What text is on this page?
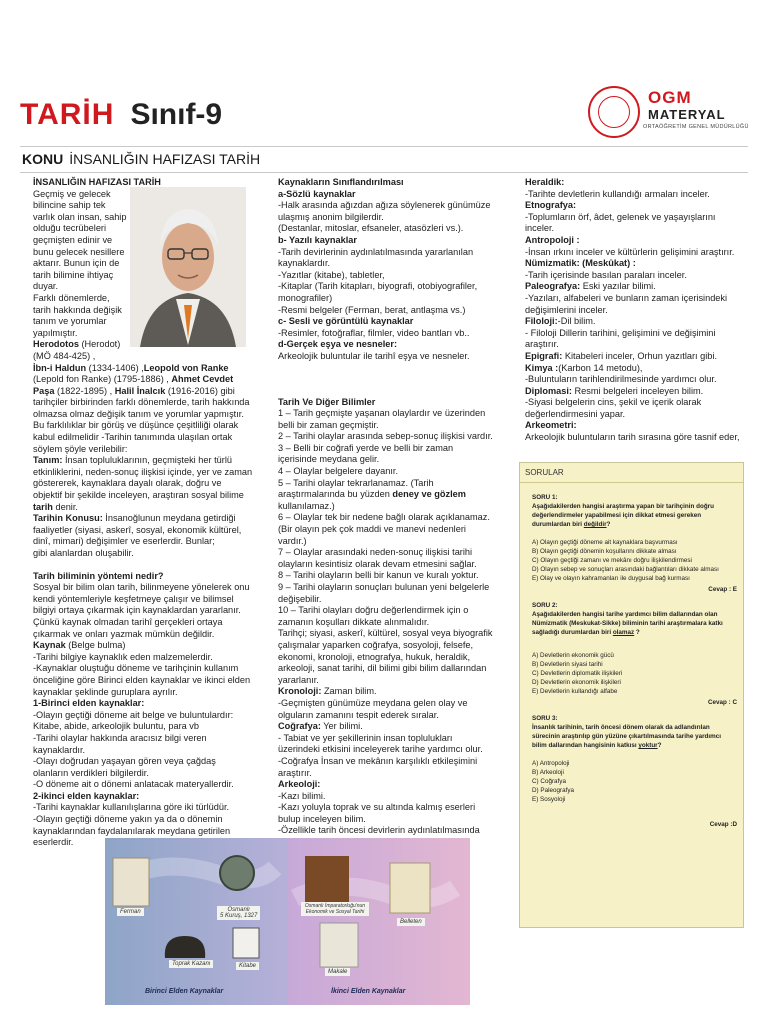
TARİH Sınıf-9
OGM
MATERYAL
ORTAÖĞRETİM GENEL MÜDÜRLÜĞÜ
KONU İNSANLIĞIN HAFIZASI TARİH

İNSANLIĞIN HAFIZASI TARİH

Geçmiş ve gelecek

bilincine sahip tek

varlık olan insan, sahip

olduğu tecrübeleri

geçmişten edinir ve

bunu gelecek nesillere

aktarır. Bunun için de

tarih bilimine ihtiyaç

duyar.

Farklı dönemlerde,

tarih hakkında değişik

tanım ve yorumlar

yapılmıştır.

Herodotos (Herodot)

(MÖ 484-425) ,

İbn-i Haldun (1334-1406) ,Leopold von Ranke (Lepold fon Ranke) (1795-1886) , Ahmet Cevdet Paşa (1822-1895) , Halil İnalcık (1916-2016) gibi tarihçiler birbirinden farklı dönemlerde, tarih hakkında olmazsa olmaz değişik tanım ve yorumlar yapmıştır. Bu farklılıklar bir görüş ve düşünce çeşitliliği olarak kabul edilmelidir -Tarihin tanımında ulaşılan ortak söylem şöyle verilebilir:

Tanım: İnsan topluluklarının, geçmişteki her türlü etkinliklerini, neden-sonuç ilişkisi içinde, yer ve zaman göstererek, kaynaklara dayalı olarak, doğru ve objektif bir şekilde inceleyen, araştıran sosyal bilime tarih denir.

Tarihin Konusu: İnsanoğlunun meydana getirdiği faaliyetler (siyasi, askerî, sosyal, ekonomik kültürel, dinî, mimari) değişimler ve eserlerdir. Bunlar;

gibi alanlardan oluşabilir.

Tarih biliminin yöntemi nedir?

Sosyal bir bilim olan tarih, bilinmeyene yönelerek onu kendi yöntemleriyle keşfetmeye çalışır ve bilimsel bilgiyi ortaya çıkarmak için kaynaklardan yararlanır. Çünkü kaynak olmadan tarihî gerçekleri ortaya çıkarmak ve onları yazmak mümkün değildir.

Kaynak (Belge bulma)

-Tarihi bilgiye kaynaklık eden malzemelerdir.

-Kaynaklar oluştuğu döneme ve tarihçinin kullanım önceliğine göre Birinci elden kaynaklar ve ikinci elden kaynaklar şeklinde guruplara ayrılır.

1-Birinci elden kaynaklar:

-Olayın geçtiği döneme ait belge ve buluntulardır: Kitabe, abide, arkeolojik buluntu, para vb

-Tarihi olaylar hakkında aracısız bilgi veren kaynaklardır.

-Olayı doğrudan yaşayan gören veya çağdaş olanların verdikleri bilgilerdir.

-O döneme ait o dönemi anlatacak materyallerdir.

2-ikinci elden kaynaklar:

-Tarihi kaynaklar kullanılışlarına göre iki türlüdür.

-Olayın geçtiği döneme yakın ya da o dönemin kaynaklarından faydalanılarak meydana getirilen eserlerdir.

Kaynakların Sınıflandırılması

a-Sözlü kaynaklar

-Halk arasında ağızdan ağıza söylenerek günümüze ulaşmış anonim bilgilerdir.

(Destanlar, mitoslar, efsaneler, atasözleri vs.).

b- Yazılı kaynaklar

-Tarih devirlerinin aydınlatılmasında yararlanılan kaynaklardır.

-Yazıtlar (kitabe), tabletler,

-Kitaplar (Tarih kitapları, biyografi, otobiyografiler, monografiler)

-Resmi belgeler (Ferman, berat, antlaşma vs.)

c- Sesli ve görüntülü kaynaklar

-Resimler, fotoğraflar, filmler, video bantları vb..

d-Gerçek eşya ve nesneler:

Arkeolojik buluntular ile tarihî eşya ve nesneler.

Tarih Ve Diğer Bilimler

1 – Tarih geçmişte yaşanan olaylardır ve üzerinden belli bir zaman geçmiştir.

2 – Tarihi olaylar arasında sebep-sonuç ilişkisi vardır.

3 – Belli bir coğrafi yerde ve belli bir zaman içerisinde meydana gelir.

4 – Olaylar belgelere dayanır.

5 – Tarihi olaylar tekrarlanamaz. (Tarih araştırmalarında bu yüzden deney ve gözlem kullanılamaz.)

6 – Olaylar tek bir nedene bağlı olarak açıklanamaz. (Bir olayın pek çok maddi ve manevi nedenleri vardır.)

7 – Olaylar arasındaki neden-sonuç ilişkisi tarihi olayların kesintisiz olarak devam etmesini sağlar.

8 – Tarihi olayların belli bir kanun ve kuralı yoktur.

9 – Tarihi olayların sonuçları bulunan yeni belgelerle değişebilir.

10 – Tarihi olayları doğru değerlendirmek için o zamanın koşulları dikkate alınmalıdır.

Tarihçi; siyasi, askerî, kültürel, sosyal veya biyografik çalışmalar yaparken coğrafya, sosyoloji, felsefe, ekonomi, kronoloji, etnografya, hukuk, heraldik, arkeoloji, sanat tarihi, dil bilimi gibi bilim dallarından yararlanır.

Kronoloji: Zaman bilim.

-Geçmişten günümüze meydana gelen olay ve olguların zamanını tespit ederek sıralar.

Coğrafya: Yer bilimi.

- Tabiat ve yer şekillerinin insan toplulukları üzerindeki etkisini inceleyerek tarihe yardımcı olur.

-Coğrafya İnsan ve mekânın karşılıklı etkileşimini araştırır.

Arkeoloji:

-Kazı bilimi.

-Kazı yoluyla toprak ve su altında kalmış eserleri bulup inceleyen bilim.

-Özellikle tarih öncesi devirlerin aydınlatılmasında

Heraldik:

-Tarihte devletlerin kullandığı armaları inceler.

Etnografya:

-Toplumların örf, âdet, gelenek ve yaşayışlarını inceler.

Antropoloji :

-İnsan ırkını inceler ve kültürlerin gelişimini araştırır.

Nümizmatik: (Meskûkat) :

-Tarih içerisinde basılan paraları inceler.

Paleografya: Eski yazılar bilimi.

-Yazıları, alfabeleri ve bunların zaman içerisindeki değişimlerini inceler.

Filoloji:-Dil bilim.

- Filoloji Dillerin tarihini, gelişimini ve değişimini araştırır.

Epigrafi: Kitabeleri inceler, Orhun yazıtları gibi.

Kimya :(Karbon 14 metodu),

-Buluntuların tarihlendirilmesinde yardımcı olur.

Diplomasi: Resmi belgeleri inceleyen bilim.

-Siyasi belgelerin cins, şekil ve içerik olarak değerlendirmesini yapar.

Arkeometri:

Arkeolojik buluntuların tarih sırasına göre tasnif eder,

SORULAR

SORU 1:

Aşağıdakilerden hangisi araştırma yapan bir tarihçinin doğru değerlendirmeler yapabilmesi için dikkat etmesi gereken durumlardan biri değildir?

A) Olayın geçtiği döneme ait kaynaklara başvurması

B) Olayın geçtiği dönemin koşullarını dikkate alması

C) Olayın geçtiği zamanı ve mekânı doğru ilişkilendirmesi

D) Olayın sebep ve sonuçları arasındaki bağlantıları dikkate alması

E) Olay ve olayın kahramanları ile duygusal bağ kurması

Cevap : E

SORU 2:

Aşağıdakilerden hangisi tarihe yardımcı bilim dallarından olan Nümizmatik (Meskukat-Sikke) biliminin tarihi araştırmalara katkı sağladığı durumlardan biri olamaz ?

A) Devletlerin ekonomik gücü

B) Devletlerin siyasi tarihi

C) Devletlerin diplomatik ilişkileri

D) Devletlerin ekonomik ilişkileri

E) Devletlerin kullandığı alfabe

Cevap : C

SORU 3:

İnsanlık tarihinin, tarih öncesi dönem olarak da adlandırılan sürecinin araştırılıp gün yüzüne çıkartılmasında tarihe yardımcı bilim dallarından hangisinin katkısı yoktur?

A) Antropoloji

B) Arkeoloji

C) Coğrafya

D) Paleografya

E) Sosyoloji

Cevap :D

Ferman	Osmanlı
5 Kuruş, 1327
Toprak Kazanı	Kitabe
Osmanlı İmparatorluğu'nun Ekonomik ve Sosyal Tarihi
Belleten
Makale
Birinci Elden Kaynaklar	İkinci Elden Kaynaklar
